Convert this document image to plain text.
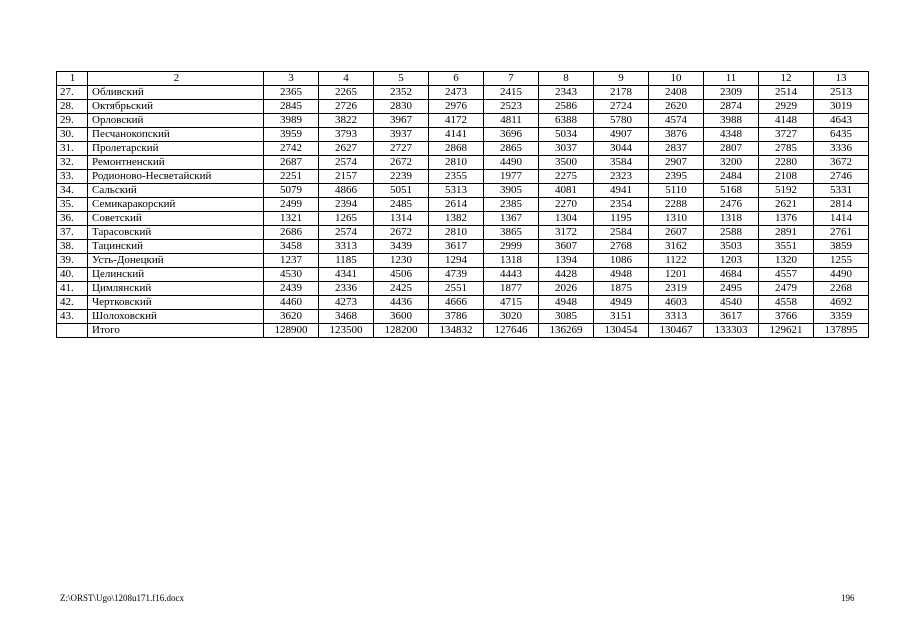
1	2	3	4	5	6	7	8	9	10	11	12	13
27.	Обливский	2365	2265	2352	2473	2415	2343	2178	2408	2309	2514	2513
28.	Октябрьский	2845	2726	2830	2976	2523	2586	2724	2620	2874	2929	3019
29.	Орловский	3989	3822	3967	4172	4811	6388	5780	4574	3988	4148	4643
30.	Песчанокопский	3959	3793	3937	4141	3696	5034	4907	3876	4348	3727	6435
31.	Пролетарский	2742	2627	2727	2868	2865	3037	3044	2837	2807	2785	3336
32.	Ремонтненский	2687	2574	2672	2810	4490	3500	3584	2907	3200	2280	3672
33.	Родионово-Несветайский	2251	2157	2239	2355	1977	2275	2323	2395	2484	2108	2746
34.	Сальский	5079	4866	5051	5313	3905	4081	4941	5110	5168	5192	5331
35.	Семикаракорский	2499	2394	2485	2614	2385	2270	2354	2288	2476	2621	2814
36.	Советский	1321	1265	1314	1382	1367	1304	1195	1310	1318	1376	1414
37.	Тарасовский	2686	2574	2672	2810	3865	3172	2584	2607	2588	2891	2761
38.	Тацинский	3458	3313	3439	3617	2999	3607	2768	3162	3503	3551	3859
39.	Усть-Донецкий	1237	1185	1230	1294	1318	1394	1086	1122	1203	1320	1255
40.	Целинский	4530	4341	4506	4739	4443	4428	4948	1201	4684	4557	4490
41.	Цимлянский	2439	2336	2425	2551	1877	2026	1875	2319	2495	2479	2268
42.	Чертковский	4460	4273	4436	4666	4715	4948	4949	4603	4540	4558	4692
43.	Шолоховский	3620	3468	3600	3786	3020	3085	3151	3313	3617	3766	3359
	Итого	128900	123500	128200	134832	127646	136269	130454	130467	133303	129621	137895
Z:\ORST\Ugo\1208u171.f16.docx	196
